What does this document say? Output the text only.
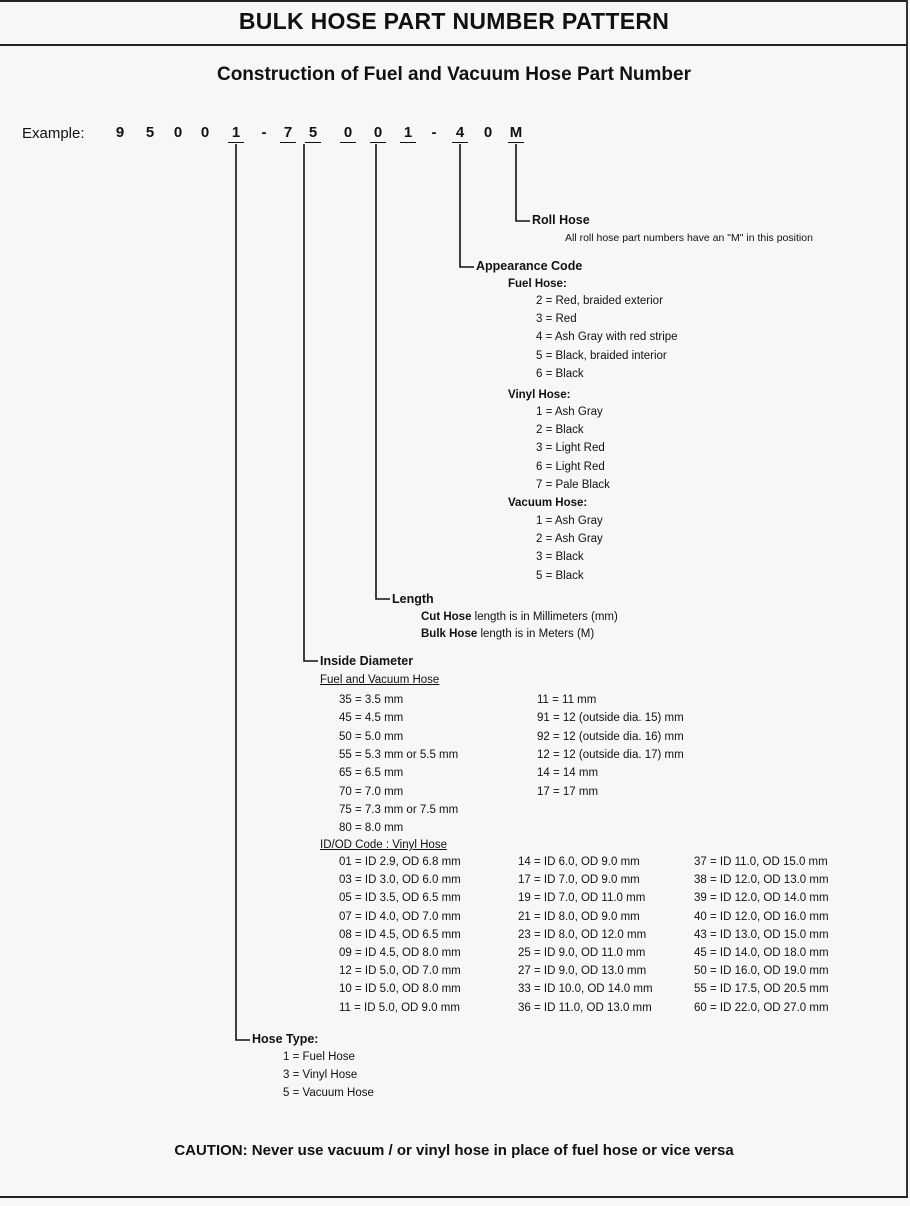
BULK HOSE PART NUMBER PATTERN
Construction of Fuel and Vacuum Hose Part Number
Example: 9 5 0 0 1	-	7 5 0 0 1	-	4 0 M
Roll Hose
All roll hose part numbers have an "M" in this position
Appearance Code
Fuel Hose:
2 = Red, braided exterior
3 = Red
4 = Ash Gray with red stripe
5 = Black, braided interior
6 = Black
Vinyl Hose:
1 = Ash Gray
2 = Black
3 = Light Red
6 = Light Red
7 = Pale Black
Vacuum Hose:
1 = Ash Gray
2 = Ash Gray
3 = Black
5 = Black
Length
Cut Hose length is in Millimeters (mm)
Bulk Hose length is in Meters (M)
Inside Diameter
Fuel and Vacuum Hose
35 = 3.5 mm
45 = 4.5 mm
50 = 5.0 mm
55 = 5.3 mm or 5.5 mm
65 = 6.5 mm
70 = 7.0 mm
75 = 7.3 mm or 7.5 mm
80 = 8.0 mm
11 = 11 mm
91 = 12 (outside dia. 15) mm
92 = 12 (outside dia. 16) mm
12 = 12 (outside dia. 17) mm
14 = 14 mm
17 = 17 mm
ID/OD Code : Vinyl Hose
01 = ID 2.9, OD 6.8 mm
03 = ID 3.0, OD 6.0 mm
05 = ID 3.5, OD 6.5 mm
07 = ID 4.0, OD 7.0 mm
08 = ID 4.5, OD 6.5 mm
09 = ID 4.5, OD 8.0 mm
12 = ID 5.0, OD 7.0 mm
10 = ID 5.0, OD 8.0 mm
11 = ID 5.0, OD 9.0 mm
14 = ID 6.0, OD 9.0 mm
17 = ID 7.0, OD 9.0 mm
19 = ID 7.0, OD 11.0 mm
21 = ID 8.0, OD 9.0 mm
23 = ID 8.0, OD 12.0 mm
25 = ID 9.0, OD 11.0 mm
27 = ID 9.0, OD 13.0 mm
33 = ID 10.0, OD 14.0 mm
36 = ID 11.0, OD 13.0 mm
37 = ID 11.0, OD 15.0 mm
38 = ID 12.0, OD 13.0 mm
39 = ID 12.0, OD 14.0 mm
40 = ID 12.0, OD 16.0 mm
43 = ID 13.0, OD 15.0 mm
45 = ID 14.0, OD 18.0 mm
50 = ID 16.0, OD 19.0 mm
55 = ID 17.5, OD 20.5 mm
60 = ID 22.0, OD 27.0 mm
Hose Type:
1 = Fuel Hose
3 = Vinyl Hose
5 = Vacuum Hose
CAUTION: Never use vacuum / or vinyl hose in place of fuel hose or vice versa
